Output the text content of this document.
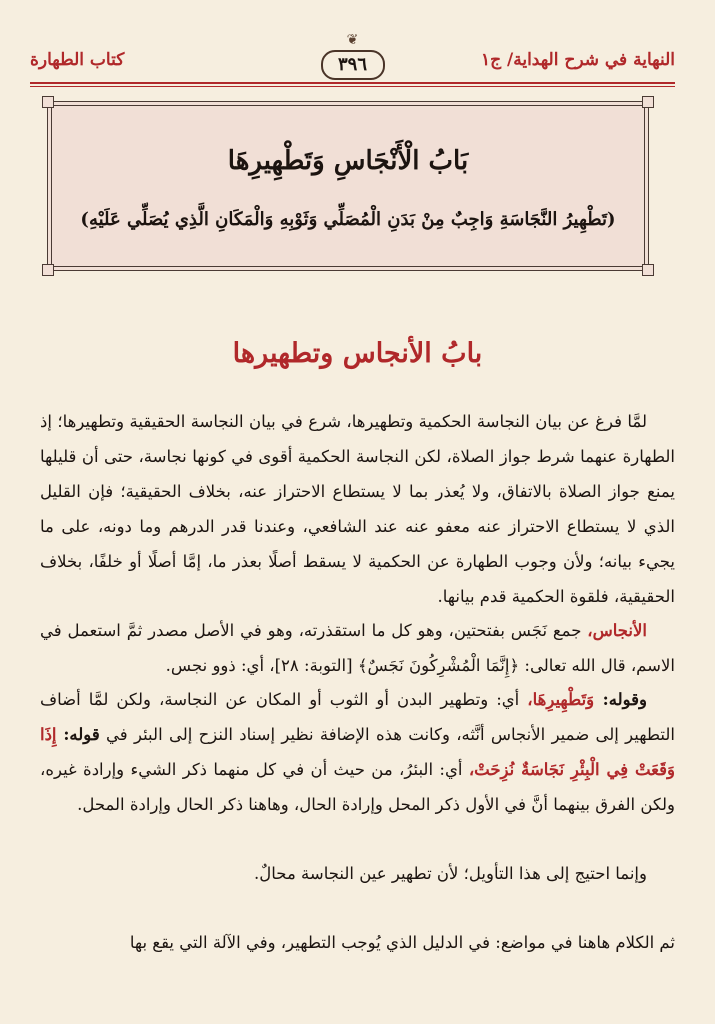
النهاية في شرح الهداية/ ج١
❦
٣٩٦
كتاب الطهارة
بَابُ الْأَنْجَاسِ وَتَطْهِيرِهَا
(تَطْهِيرُ النَّجَاسَةِ وَاجِبٌ مِنْ بَدَنِ الْمُصَلِّي وَثَوْبِهِ وَالْمَكَانِ الَّذِي يُصَلِّي عَلَيْهِ)
بابُ الأنجاس وتطهيرها
لمَّا فرغ عن بيان النجاسة الحكمية وتطهيرها، شرع في بيان النجاسة الحقيقية وتطهيرها؛ إذ الطهارة عنهما شرط جواز الصلاة، لكن النجاسة الحكمية أقوى في كونها نجاسة، حتى أن قليلها يمنع جواز الصلاة بالاتفاق، ولا يُعذر بما لا يستطاع الاحتراز عنه، بخلاف الحقيقية؛ فإن القليل الذي لا يستطاع الاحتراز عنه معفو عنه عند الشافعي، وعندنا قدر الدرهم وما دونه، على ما يجيء بيانه؛ ولأن وجوب الطهارة عن الحكمية لا يسقط أصلًا بعذر ما، إمَّا أصلًا أو خلفًا، بخلاف الحقيقية، فلقوة الحكمية قدم بيانها.
الأنجاس، جمع نَجَس بفتحتين، وهو كل ما استقذرته، وهو في الأصل مصدر ثمَّ استعمل في الاسم، قال الله تعالى: ﴿إِنَّمَا الْمُشْرِكُونَ نَجَسٌ﴾ [التوبة: ٢٨]، أي: ذوو نجس.
وقوله: وَتَطْهِيرِهَا، أي: وتطهير البدن أو الثوب أو المكان عن النجاسة، ولكن لمَّا أضاف التطهير إلى ضمير الأنجاس أنَّثه، وكانت هذه الإضافة نظير إسناد النزح إلى البئر في قوله: إِذَا وَقَعَتْ فِي الْبِئْرِ نَجَاسَةٌ نُزِحَتْ، أي: البئرُ، من حيث أن في كل منهما ذكر الشيء وإرادة غيره، ولكن الفرق بينهما أنَّ في الأول ذكر المحل وإرادة الحال، وهاهنا ذكر الحال وإرادة المحل.
وإنما احتيج إلى هذا التأويل؛ لأن تطهير عين النجاسة محالٌ.
ثم الكلام هاهنا في مواضع: في الدليل الذي يُوجب التطهير، وفي الآلة التي يقع بها
